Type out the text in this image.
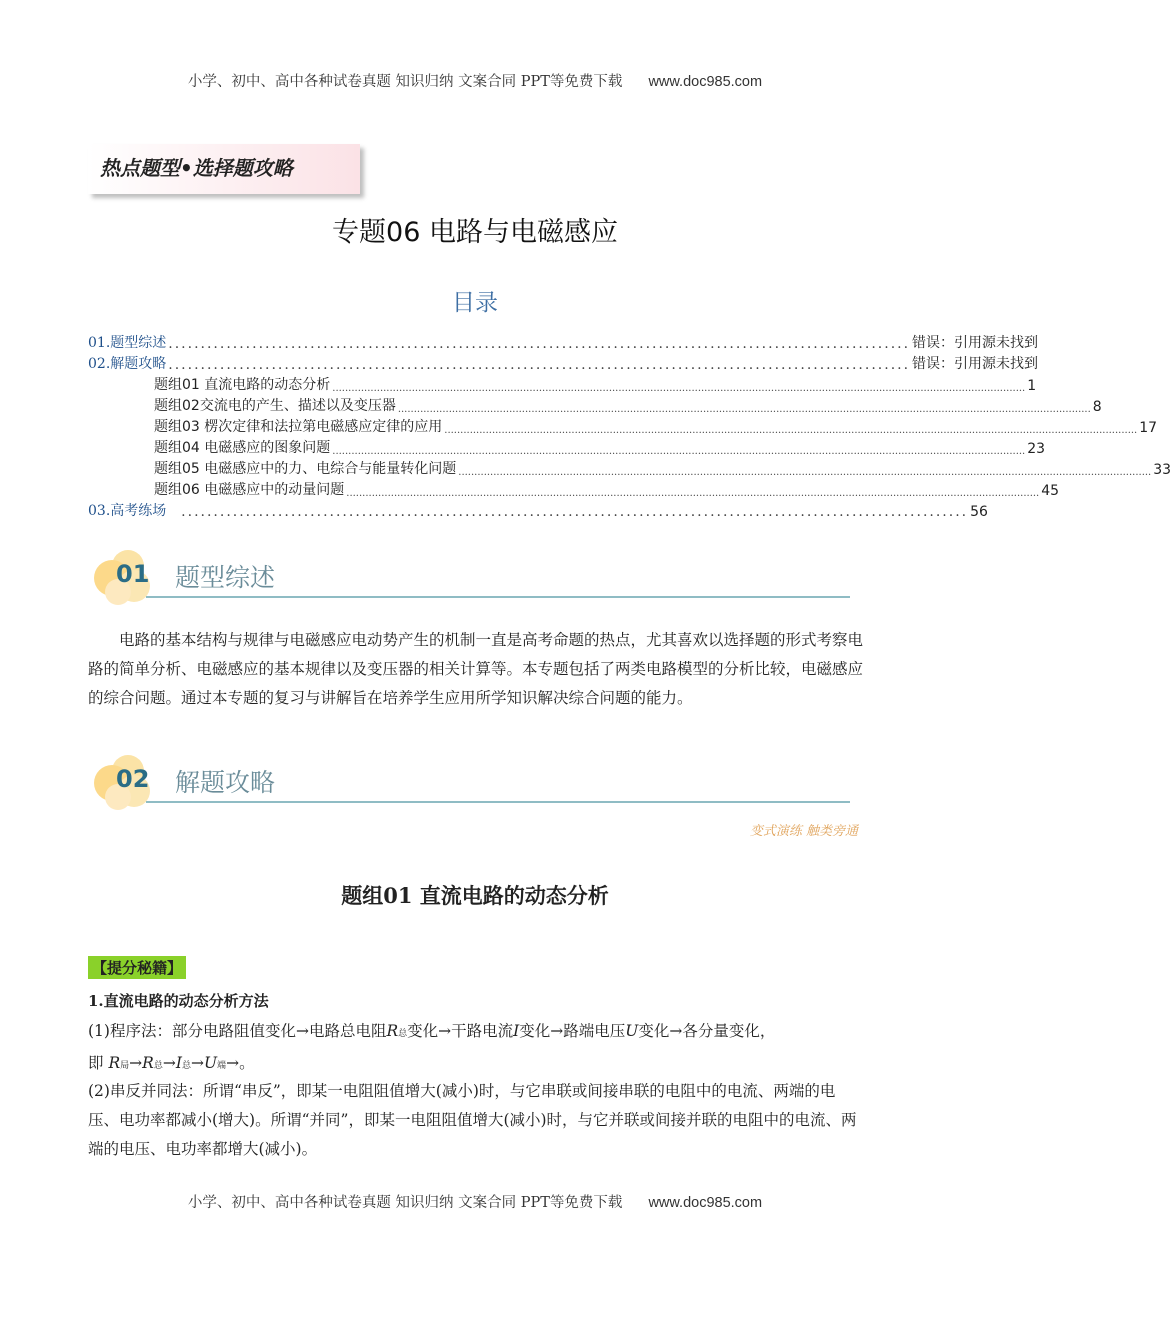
小学、初中、高中各种试卷真题 知识归纳 文案合同 PPT等免费下载 www.doc985.com
热点题型•选择题攻略
专题06 电路与电磁感应
目录
01.题型综述 ................................................................................................................... 错误：引用源未找到
02.解题攻略 ................................................................................................................... 错误：引用源未找到
题组01 直流电路的动态分析 .......................................................................................................................................................................................................................... 1
题组02交流电的产生、描述以及变压器 .......................................................................................................................................................................................................................... 8
题组03 楞次定律和法拉第电磁感应定律的应用 .......................................................................................................................................................................................................................... 17
题组04 电磁感应的图象问题 .......................................................................................................................................................................................................................... 23
题组05 电磁感应中的力、电综合与能量转化问题 .......................................................................................................................................................................................................................... 33
题组06 电磁感应中的动量问题 .......................................................................................................................................................................................................................... 45
03.高考练场 .......................................................................................................................... 56
01 题型综述
电路的基本结构与规律与电磁感应电动势产生的机制一直是高考命题的热点，尤其喜欢以选择题的形式考察电路的简单分析、电磁感应的基本规律以及变压器的相关计算等。本专题包括了两类电路模型的分析比较，电磁感应的综合问题。通过本专题的复习与讲解旨在培养学生应用所学知识解决综合问题的能力。
02 解题攻略
变式演练 触类旁通
题组01 直流电路的动态分析
【提分秘籍】
1.直流电路的动态分析方法
(1)程序法：部分电路阻值变化→电路总电阻R总变化→干路电流I变化→路端电压U变化→各分量变化，
即 R局→R总→I总→U端→。
(2)串反并同法：所谓“串反”，即某一电阻阻值增大(减小)时，与它串联或间接串联的电阻中的电流、两端的电压、电功率都减小(增大)。所谓“并同”，即某一电阻阻值增大(减小)时，与它并联或间接并联的电阻中的电流、两端的电压、电功率都增大(减小)。
小学、初中、高中各种试卷真题 知识归纳 文案合同 PPT等免费下载 www.doc985.com
